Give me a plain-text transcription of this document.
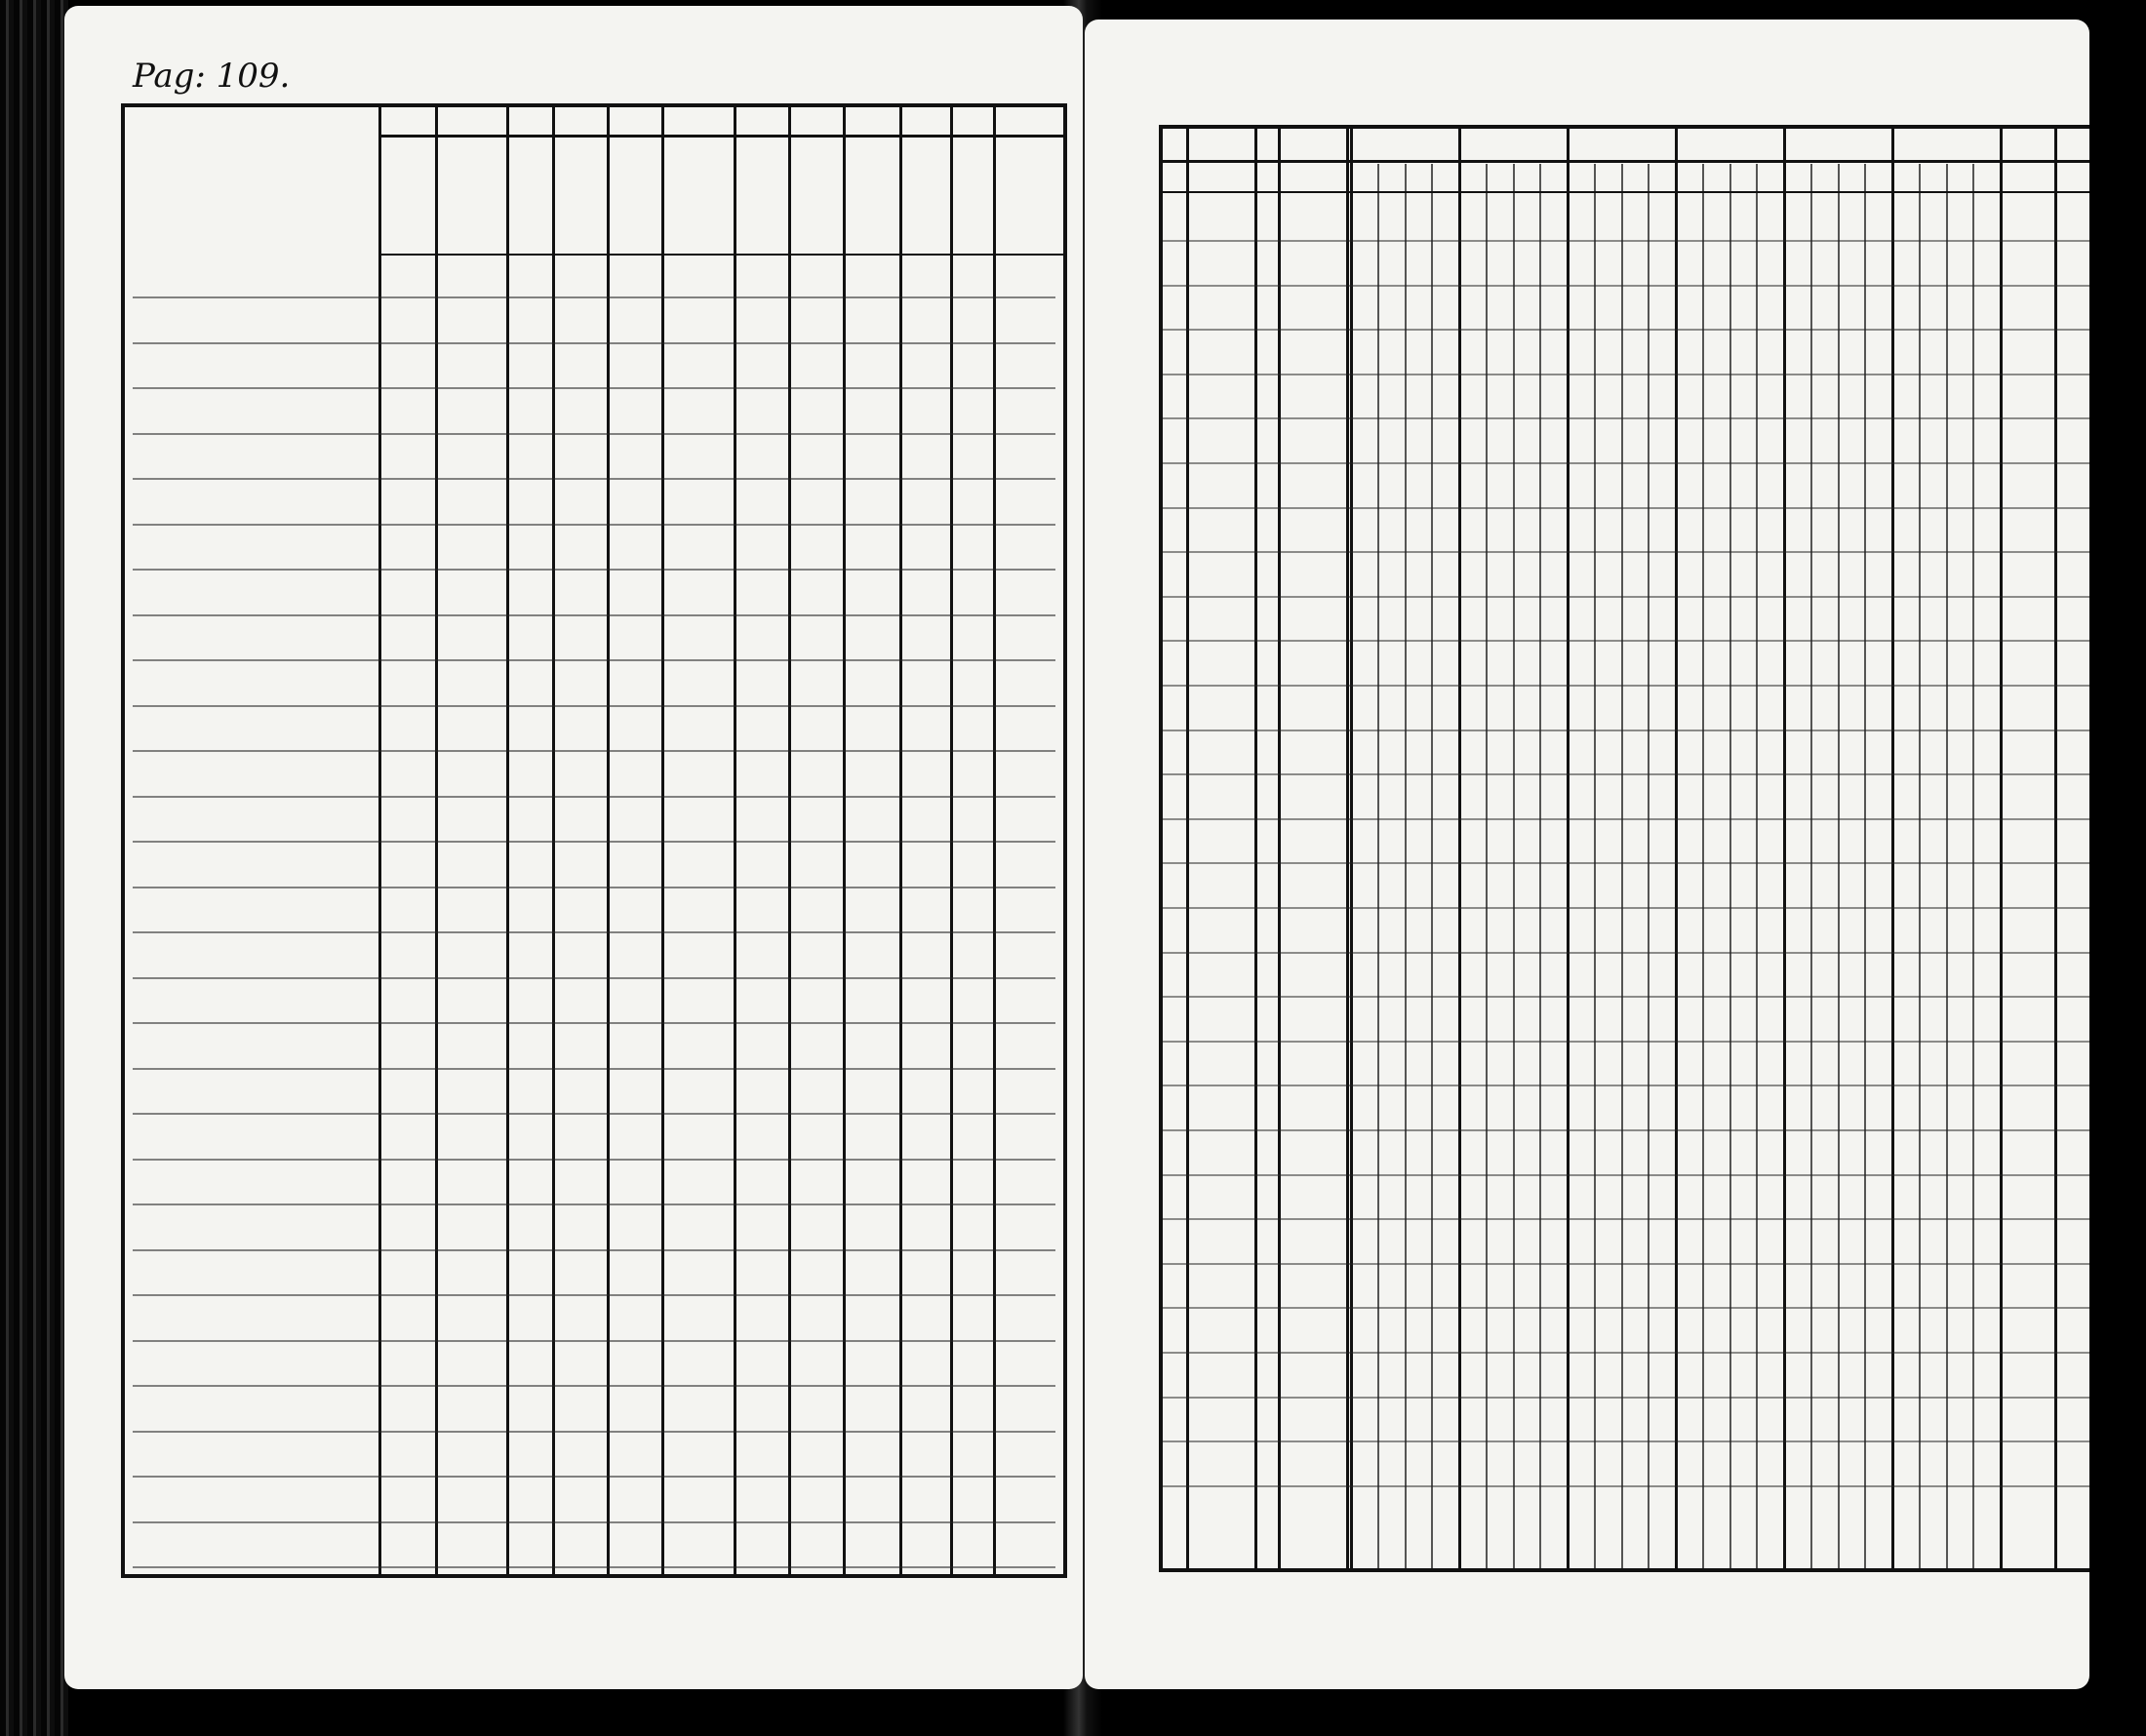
Pag: 109.
